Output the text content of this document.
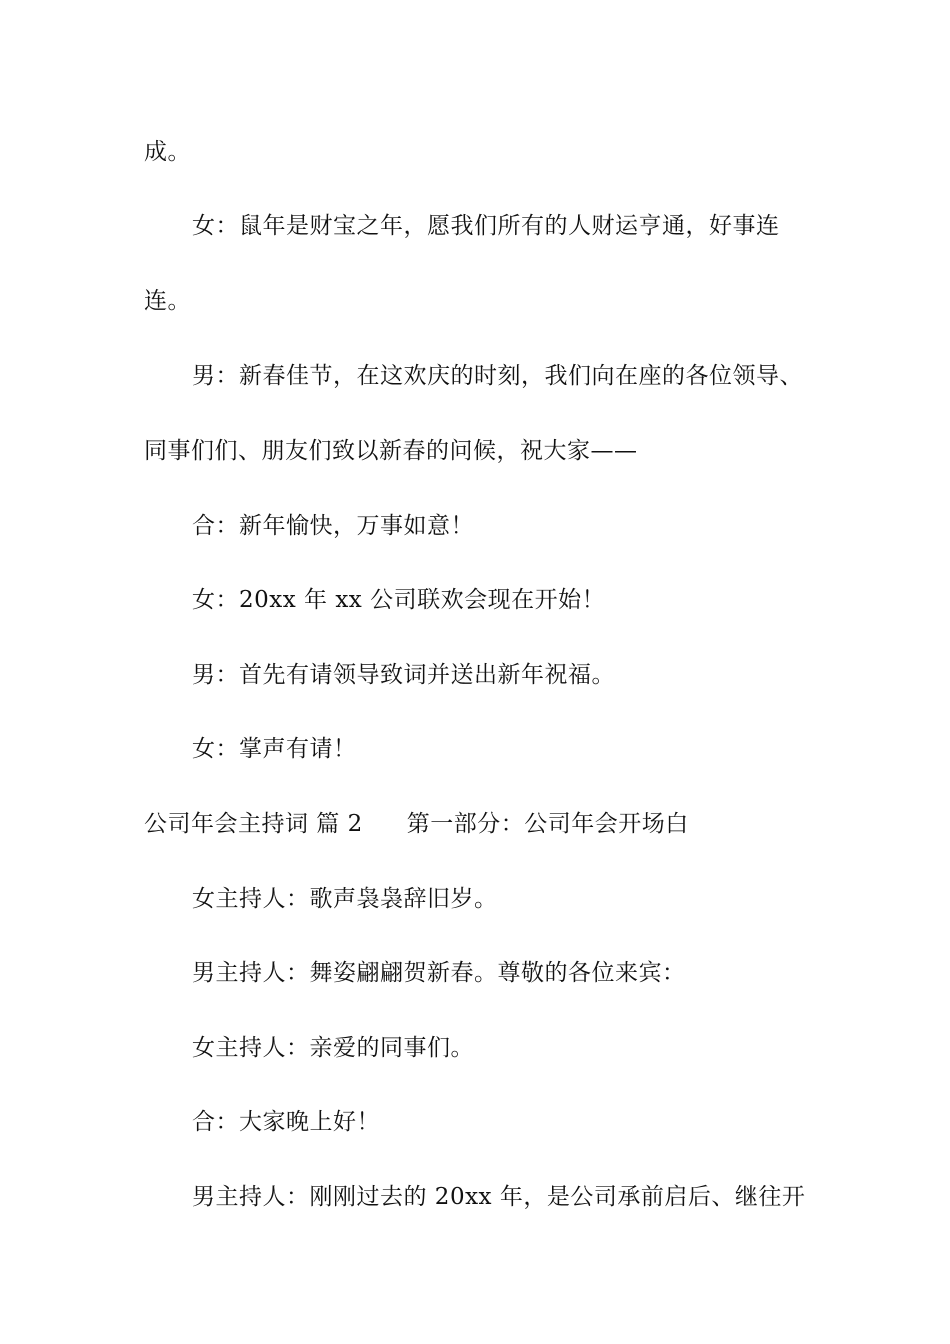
成。
女：鼠年是财宝之年，愿我们所有的人财运亨通，好事连
连。
男：新春佳节，在这欢庆的时刻，我们向在座的各位领导、
同事们们、朋友们致以新春的问候，祝大家——
合：新年愉快，万事如意！
女：20xx 年 xx 公司联欢会现在开始！
男：首先有请领导致词并送出新年祝福。
女：掌声有请！
公司年会主持词 篇 2 第一部分：公司年会开场白
女主持人：歌声袅袅辞旧岁。
男主持人：舞姿翩翩贺新春。尊敬的各位来宾：
女主持人：亲爱的同事们。
合：大家晚上好！
男主持人：刚刚过去的 20xx 年，是公司承前启后、继往开
